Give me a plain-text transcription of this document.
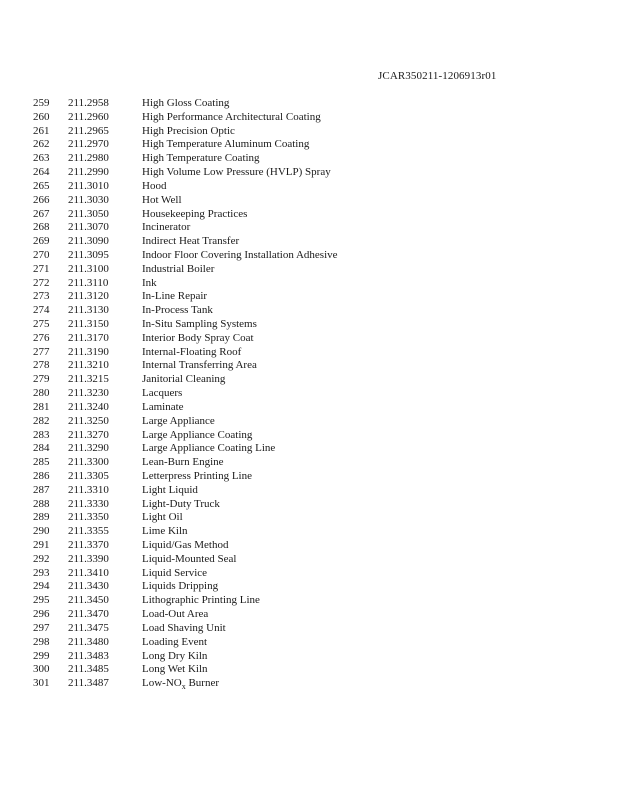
JCAR350211-1206913r01
259 211.2958	High Gloss Coating
260 211.2960	High Performance Architectural Coating
261 211.2965	High Precision Optic
262 211.2970	High Temperature Aluminum Coating
263 211.2980	High Temperature Coating
264 211.2990	High Volume Low Pressure (HVLP) Spray
265 211.3010	Hood
266 211.3030	Hot Well
267 211.3050	Housekeeping Practices
268 211.3070	Incinerator
269 211.3090	Indirect Heat Transfer
270 211.3095	Indoor Floor Covering Installation Adhesive
271 211.3100	Industrial Boiler
272 211.3110	Ink
273 211.3120	In-Line Repair
274 211.3130	In-Process Tank
275 211.3150	In-Situ Sampling Systems
276 211.3170	Interior Body Spray Coat
277 211.3190	Internal-Floating Roof
278 211.3210	Internal Transferring Area
279 211.3215	Janitorial Cleaning
280 211.3230	Lacquers
281 211.3240	Laminate
282 211.3250	Large Appliance
283 211.3270	Large Appliance Coating
284 211.3290	Large Appliance Coating Line
285 211.3300	Lean-Burn Engine
286 211.3305	Letterpress Printing Line
287 211.3310	Light Liquid
288 211.3330	Light-Duty Truck
289 211.3350	Light Oil
290 211.3355	Lime Kiln
291 211.3370	Liquid/Gas Method
292 211.3390	Liquid-Mounted Seal
293 211.3410	Liquid Service
294 211.3430	Liquids Dripping
295 211.3450	Lithographic Printing Line
296 211.3470	Load-Out Area
297 211.3475	Load Shaving Unit
298 211.3480	Loading Event
299 211.3483	Long Dry Kiln
300 211.3485	Long Wet Kiln
301 211.3487	Low-$NO_x$ Burner
